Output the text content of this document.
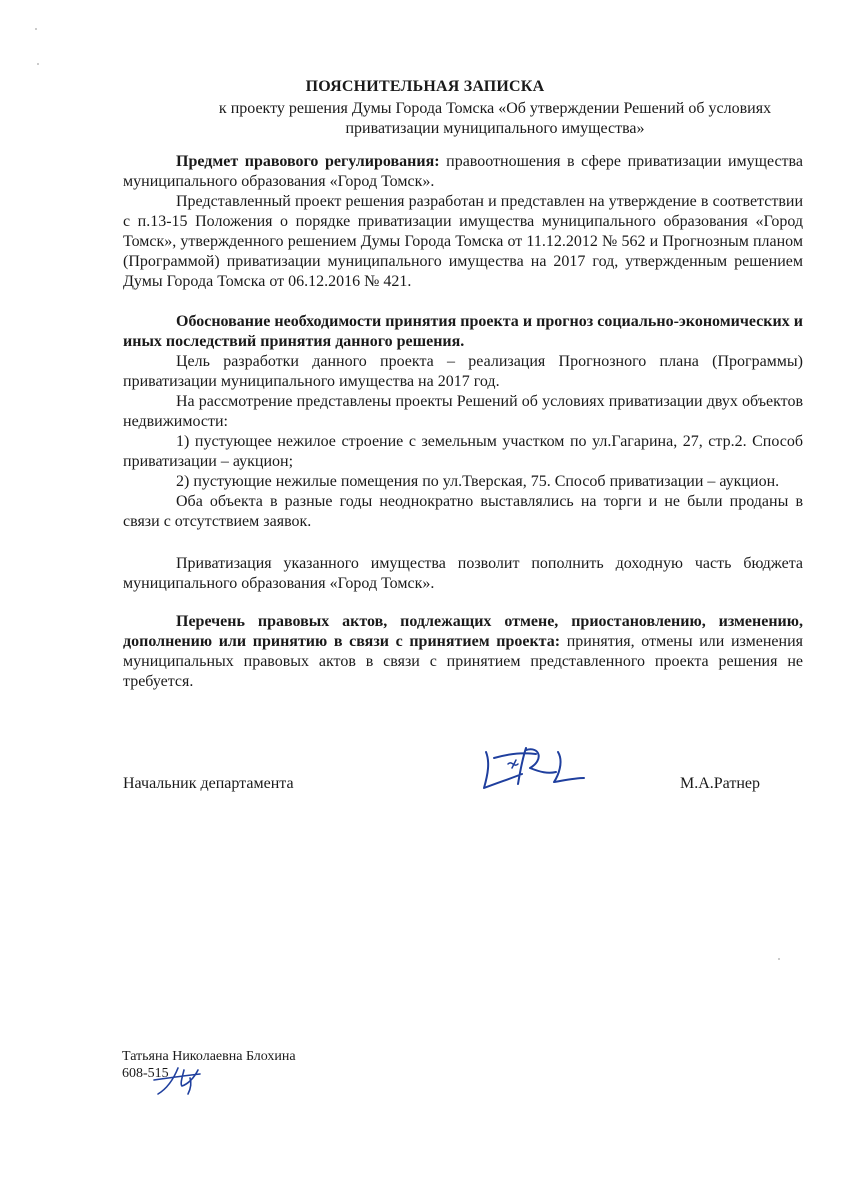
ПОЯСНИТЕЛЬНАЯ ЗАПИСКА

к проекту решения Думы Города Томска «Об утверждении Решений об условиях приватизации муниципального имущества»

Предмет правового регулирования: правоотношения в сфере приватизации имущества муниципального образования «Город Томск».

Представленный проект решения разработан и представлен на утверждение в соответствии с п.13-15 Положения о порядке приватизации имущества муниципального образования «Город Томск», утвержденного решением Думы Города Томска от 11.12.2012 № 562 и Прогнозным планом (Программой) приватизации муниципального имущества на 2017 год, утвержденным решением Думы Города Томска от 06.12.2016 № 421.

Обоснование необходимости принятия проекта и прогноз социально-экономических и иных последствий принятия данного решения.

Цель разработки данного проекта – реализация Прогнозного плана (Программы) приватизации муниципального имущества на 2017 год.

На рассмотрение представлены проекты Решений об условиях приватизации двух объектов недвижимости:

1) пустующее нежилое строение с земельным участком по ул.Гагарина, 27, стр.2. Способ приватизации – аукцион;

2) пустующие нежилые помещения по ул.Тверская, 75. Способ приватизации – аукцион.

Оба объекта в разные годы неоднократно выставлялись на торги и не были проданы в связи с отсутствием заявок.

Приватизация указанного имущества позволит пополнить доходную часть бюджета муниципального образования «Город Томск».

Перечень правовых актов, подлежащих отмене, приостановлению, изменению, дополнению или принятию в связи с принятием проекта: принятия, отмены или изменения муниципальных правовых актов в связи с принятием представленного проекта решения не требуется.

Начальник департамента	М.А.Ратнер
Татьяна Николаевна Блохина
608-515
